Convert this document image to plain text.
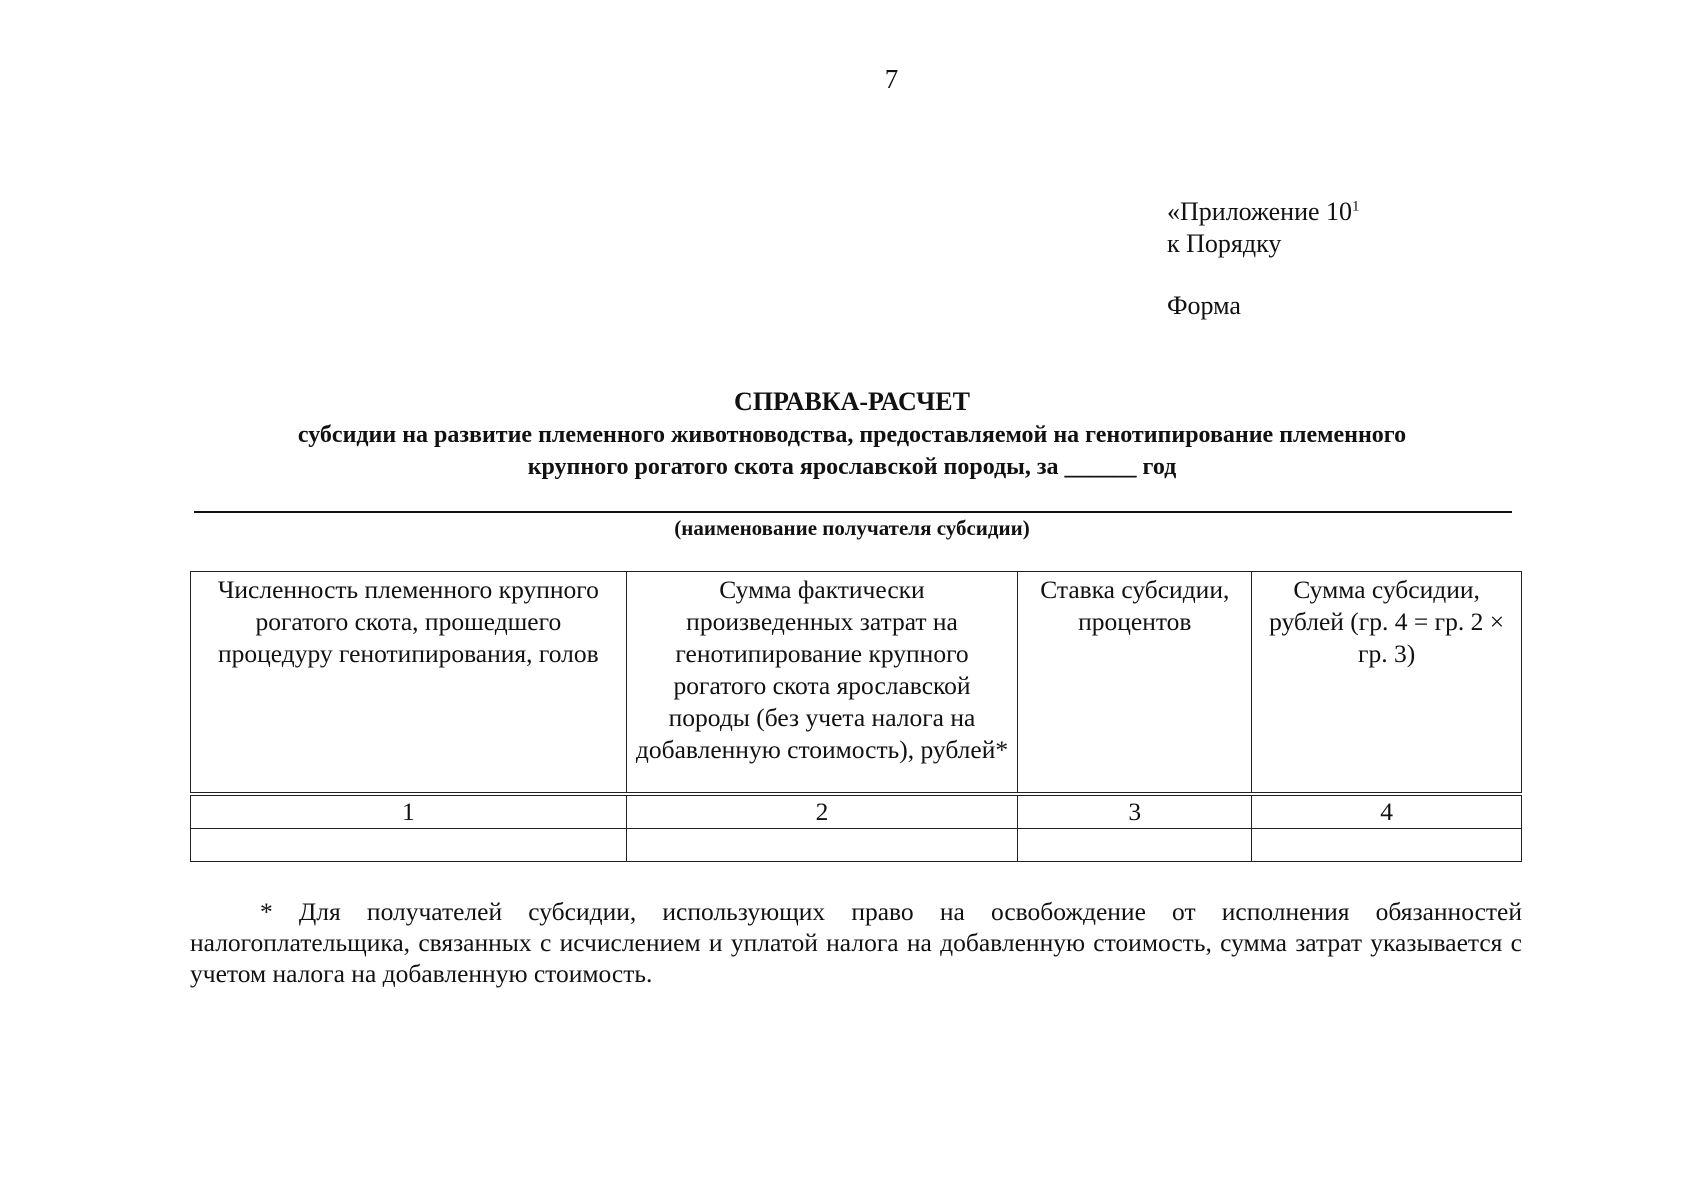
7
«Приложение $10^1$
к Порядку
Форма
СПРАВКА-РАСЧЕТ
субсидии на развитие племенного животноводства, предоставляемой на генотипирование племенного
крупного рогатого скота ярославской породы, за ______ год
(наименование получателя субсидии)
Численность племенного крупного рогатого скота, прошедшего процедуру генотипирования, голов	Сумма фактически произведенных затрат на генотипирование крупного рогатого скота ярославской породы (без учета налога на добавленную стоимость), рублей*	Ставка субсидии, процентов	Сумма субсидии, рублей (гр. 4 = гр. 2 × гр. 3)
1	2	3	4

* Для получателей субсидии, использующих право на освобождение от исполнения обязанностей налогоплательщика, связанных с исчислением и уплатой налога на добавленную стоимость, сумма затрат указывается с учетом налога на добавленную стоимость.
